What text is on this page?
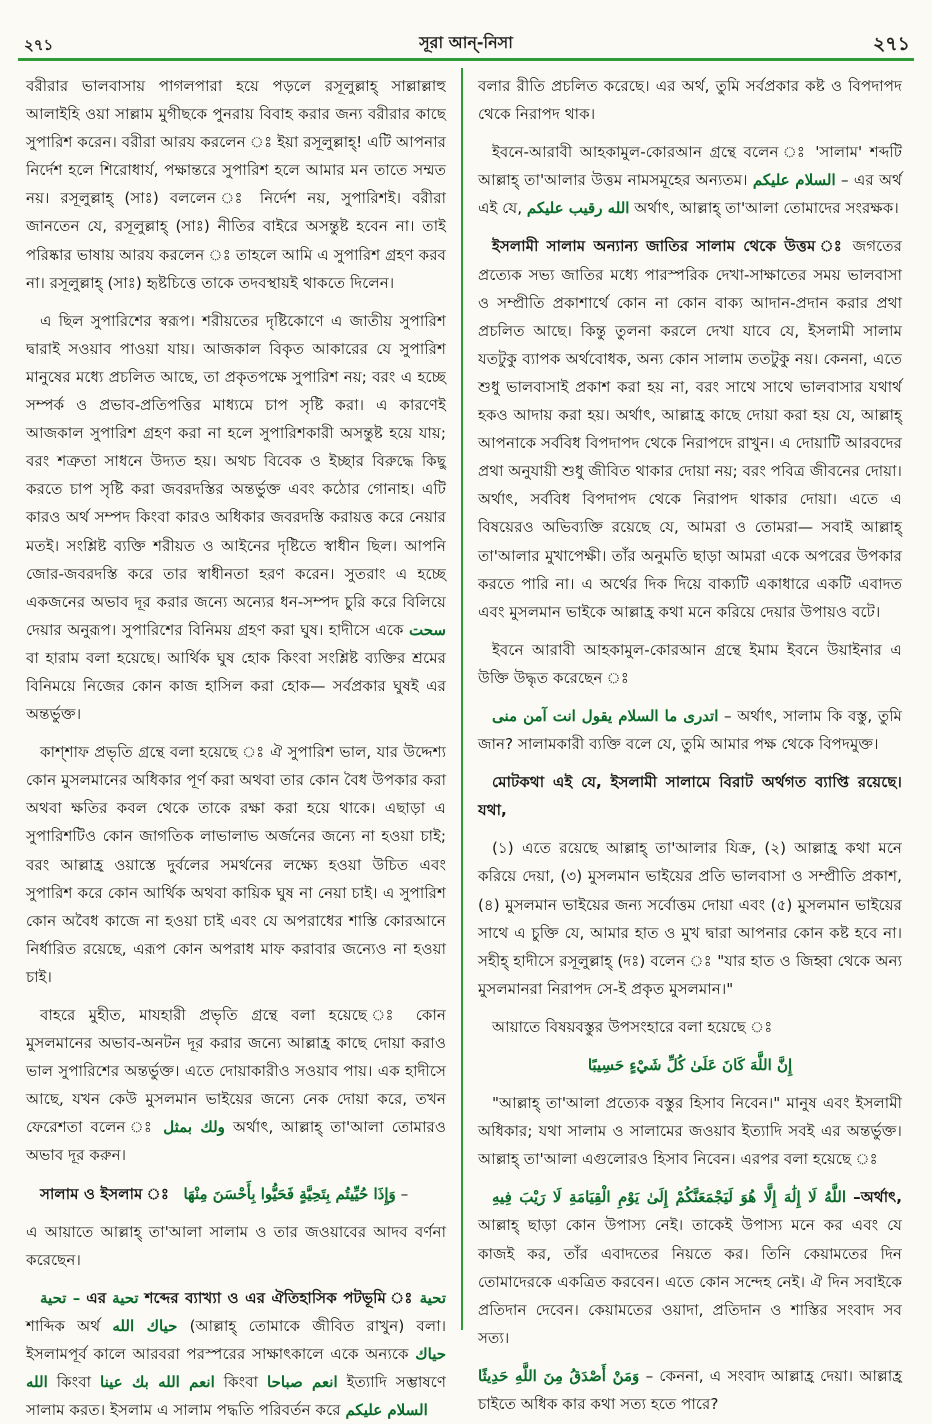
২৭১	সূরা আন্-নিসা	২৭১

বরীরার ভালবাসায় পাগলপারা হয়ে পড়লে রসূলুল্লাহ্ সাল্লাল্লাহু আলাইহি ওয়া সাল্লাম মুগীছকে পুনরায় বিবাহ করার জন্য বরীরার কাছে সুপারিশ করেন। বরীরা আরয করলেন ঃ ইয়া রসূলুল্লাহ্! এটি আপনার নির্দেশ হলে শিরোধার্য, পক্ষান্তরে সুপারিশ হলে আমার মন তাতে সম্মত নয়। রসূলুল্লাহ্ (সাঃ) বললেন ঃ নির্দেশ নয়, সুপারিশই। বরীরা জানতেন যে, রসূলুল্লাহ্ (সাঃ) নীতির বাইরে অসন্তুষ্ট হবেন না। তাই পরিষ্কার ভাষায় আরয করলেন ঃ তাহলে আমি এ সুপারিশ গ্রহণ করব না। রসূলুল্লাহ্ (সাঃ) হৃষ্টচিত্তে তাকে তদবস্থায়ই থাকতে দিলেন।

এ ছিল সুপারিশের স্বরূপ। শরীয়তের দৃষ্টিকোণে এ জাতীয় সুপারিশ দ্বারাই সওয়াব পাওয়া যায়। আজকাল বিকৃত আকারের যে সুপারিশ মানুষের মধ্যে প্রচলিত আছে, তা প্রকৃতপক্ষে সুপারিশ নয়; বরং এ হচ্ছে সম্পর্ক ও প্রভাব-প্রতিপত্তির মাধ্যমে চাপ সৃষ্টি করা। এ কারণেই আজকাল সুপারিশ গ্রহণ করা না হলে সুপারিশকারী অসন্তুষ্ট হয়ে যায়; বরং শত্রুতা সাধনে উদ্যত হয়। অথচ বিবেক ও ইচ্ছার বিরুদ্ধে কিছু করতে চাপ সৃষ্টি করা জবরদস্তির অন্তর্ভুক্ত এবং কঠোর গোনাহ। এটি কারও অর্থ সম্পদ কিংবা কারও অধিকার জবরদস্তি করায়ত্ত করে নেয়ার মতই। সংশ্লিষ্ট ব্যক্তি শরীয়ত ও আইনের দৃষ্টিতে স্বাধীন ছিল। আপনি জোর-জবরদস্তি করে তার স্বাধীনতা হরণ করেন। সুতরাং এ হচ্ছে একজনের অভাব দূর করার জন্যে অন্যের ধন-সম্পদ চুরি করে বিলিয়ে দেয়ার অনুরূপ। সুপারিশের বিনিময় গ্রহণ করা ঘুষ। হাদীসে একে سحت বা হারাম বলা হয়েছে। আর্থিক ঘুষ হোক কিংবা সংশ্লিষ্ট ব্যক্তির শ্রমের বিনিময়ে নিজের কোন কাজ হাসিল করা হোক— সর্বপ্রকার ঘুষই এর অন্তর্ভুক্ত।

কাশ্শাফ প্রভৃতি গ্রন্থে বলা হয়েছে ঃ ঐ সুপারিশ ভাল, যার উদ্দেশ্য কোন মুসলমানের অধিকার পূর্ণ করা অথবা তার কোন বৈধ উপকার করা অথবা ক্ষতির কবল থেকে তাকে রক্ষা করা হয়ে থাকে। এছাড়া এ সুপারিশটিও কোন জাগতিক লাভালাভ অর্জনের জন্যে না হওয়া চাই; বরং আল্লাহ্র ওয়াস্তে দুর্বলের সমর্থনের লক্ষ্যে হওয়া উচিত এবং সুপারিশ করে কোন আর্থিক অথবা কায়িক ঘুষ না নেয়া চাই। এ সুপারিশ কোন অবৈধ কাজে না হওয়া চাই এবং যে অপরাধের শাস্তি কোরআনে নির্ধারিত রয়েছে, এরূপ কোন অপরাধ মাফ করাবার জন্যেও না হওয়া চাই।

বাহরে মুহীত, মাযহারী প্রভৃতি গ্রন্থে বলা হয়েছে ঃ কোন মুসলমানের অভাব-অনটন দূর করার জন্যে আল্লাহ্র কাছে দোয়া করাও ভাল সুপারিশের অন্তর্ভুক্ত। এতে দোয়াকারীও সওয়াব পায়। এক হাদীসে আছে, যখন কেউ মুসলমান ভাইয়ের জন্যে নেক দোয়া করে, তখন ফেরেশতা বলেন ঃ ولك بمثل অর্থাৎ, আল্লাহ্ তা'আলা তোমারও অভাব দূর করুন।

সালাম ও ইসলাম ঃ وَإِذَا حُيِّيتُم بِتَحِيَّةٍ فَحَيُّوا بِأَحْسَنَ مِنْهَا –

এ আয়াতে আল্লাহ্ তা'আলা সালাম ও তার জওয়াবের আদব বর্ণনা করেছেন।

تحية – এর تحية শব্দের ব্যাখ্যা ও এর ঐতিহাসিক পটভূমি ঃ تحية শাব্দিক অর্থ حياك الله (আল্লাহ্ তোমাকে জীবিত রাখুন) বলা। ইসলামপূর্ব কালে আরবরা পরস্পরের সাক্ষাৎকালে একে অন্যকে حياك الله কিংবা انعم الله بك عينا কিংবা انعم صباحا ইত্যাদি সম্ভাষণে সালাম করত। ইসলাম এ সালাম পদ্ধতি পরিবর্তন করে السلام عليكم

বলার রীতি প্রচলিত করেছে। এর অর্থ, তুমি সর্বপ্রকার কষ্ট ও বিপদাপদ থেকে নিরাপদ থাক।

ইবনে-আরাবী আহকামুল-কোরআন গ্রন্থে বলেন ঃ 'সালাম' শব্দটি আল্লাহ্ তা'আলার উত্তম নামসমূহের অন্যতম। السلام عليكم – এর অর্থ এই যে, الله رقيب عليكم অর্থাৎ, আল্লাহ্ তা'আলা তোমাদের সংরক্ষক।

ইসলামী সালাম অন্যান্য জাতির সালাম থেকে উত্তম ঃ জগতের প্রত্যেক সভ্য জাতির মধ্যে পারস্পরিক দেখা-সাক্ষাতের সময় ভালবাসা ও সম্প্রীতি প্রকাশার্থে কোন না কোন বাক্য আদান-প্রদান করার প্রথা প্রচলিত আছে। কিন্তু তুলনা করলে দেখা যাবে যে, ইসলামী সালাম যতটুকু ব্যাপক অর্থবোধক, অন্য কোন সালাম ততটুকু নয়। কেননা, এতে শুধু ভালবাসাই প্রকাশ করা হয় না, বরং সাথে সাথে ভালবাসার যথার্থ হকও আদায় করা হয়। অর্থাৎ, আল্লাহ্র কাছে দোয়া করা হয় যে, আল্লাহ্ আপনাকে সর্ববিধ বিপদাপদ থেকে নিরাপদে রাখুন। এ দোয়াটি আরবদের প্রথা অনুযায়ী শুধু জীবিত থাকার দোয়া নয়; বরং পবিত্র জীবনের দোয়া। অর্থাৎ, সর্ববিধ বিপদাপদ থেকে নিরাপদ থাকার দোয়া। এতে এ বিষয়েরও অভিব্যক্তি রয়েছে যে, আমরা ও তোমরা— সবাই আল্লাহ্ তা'আলার মুখাপেক্ষী। তাঁর অনুমতি ছাড়া আমরা একে অপরের উপকার করতে পারি না। এ অর্থের দিক দিয়ে বাক্যটি একাধারে একটি এবাদত এবং মুসলমান ভাইকে আল্লাহ্র কথা মনে করিয়ে দেয়ার উপায়ও বটে।

ইবনে আরাবী আহকামুল-কোরআন গ্রন্থে ইমাম ইবনে উয়াইনার এ উক্তি উদ্ধৃত করেছেন ঃ

اتدرى ما السلام يقول انت آمن منى – অর্থাৎ, সালাম কি বস্তু, তুমি জান? সালামকারী ব্যক্তি বলে যে, তুমি আমার পক্ষ থেকে বিপদমুক্ত।

মোটকথা এই যে, ইসলামী সালামে বিরাট অর্থগত ব্যাপ্তি রয়েছে। যথা,

(১) এতে রয়েছে আল্লাহ্ তা'আলার যিক্র, (২) আল্লাহ্র কথা মনে করিয়ে দেয়া, (৩) মুসলমান ভাইয়ের প্রতি ভালবাসা ও সম্প্রীতি প্রকাশ, (৪) মুসলমান ভাইয়ের জন্য সর্বোত্তম দোয়া এবং (৫) মুসলমান ভাইয়ের সাথে এ চুক্তি যে, আমার হাত ও মুখ দ্বারা আপনার কোন কষ্ট হবে না। সহীহ্ হাদীসে রসূলুল্লাহ্ (দঃ) বলেন ঃ "যার হাত ও জিহ্বা থেকে অন্য মুসলমানরা নিরাপদ সে-ই প্রকৃত মুসলমান।"

আয়াতে বিষয়বস্তুর উপসংহারে বলা হয়েছে ঃ

إِنَّ اللَّهَ كَانَ عَلَىٰ كُلِّ شَيْءٍ حَسِيبًا

"আল্লাহ্ তা'আলা প্রত্যেক বস্তুর হিসাব নিবেন।" মানুষ এবং ইসলামী অধিকার; যথা সালাম ও সালামের জওয়াব ইত্যাদি সবই এর অন্তর্ভুক্ত। আল্লাহ্ তা'আলা এগুলোরও হিসাব নিবেন। এরপর বলা হয়েছে ঃ

اللَّهُ لَا إِلَٰهَ إِلَّا هُوَ لَيَجْمَعَنَّكُمْ إِلَىٰ يَوْمِ الْقِيَامَةِ لَا رَيْبَ فِيهِ –অর্থাৎ, আল্লাহ্ ছাড়া কোন উপাস্য নেই। তাকেই উপাস্য মনে কর এবং যে কাজই কর, তাঁর এবাদতের নিয়তে কর। তিনি কেয়ামতের দিন তোমাদেরকে একত্রিত করবেন। এতে কোন সন্দেহ নেই। ঐ দিন সবাইকে প্রতিদান দেবেন। কেয়ামতের ওয়াদা, প্রতিদান ও শাস্তির সংবাদ সব সত্য।

وَمَنْ أَصْدَقُ مِنَ اللَّهِ حَدِيثًا – কেননা, এ সংবাদ আল্লাহ্র দেয়া। আল্লাহ্র চাইতে অধিক কার কথা সত্য হতে পারে?
